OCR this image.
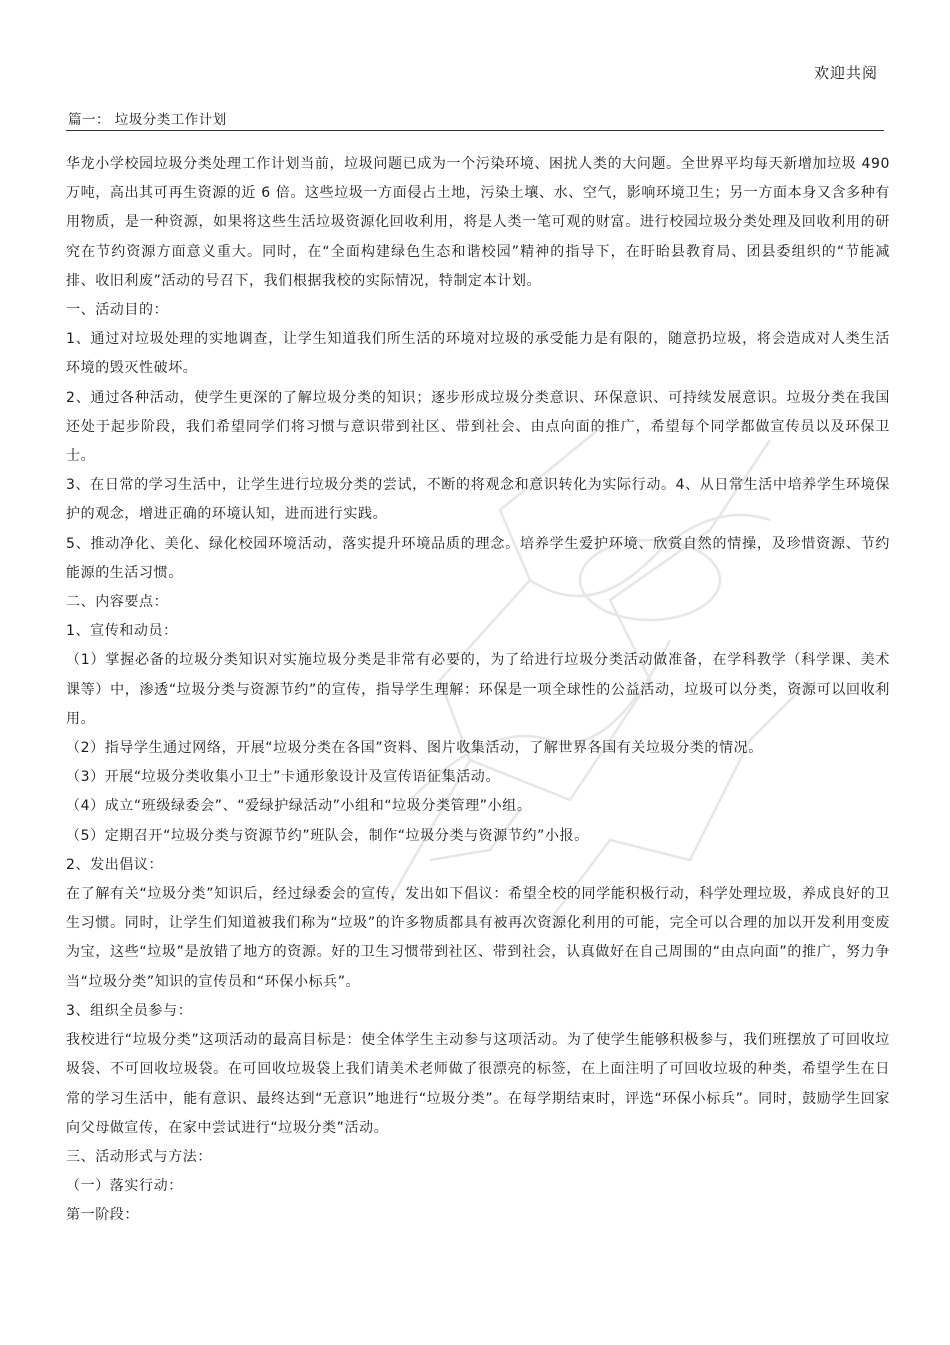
欢迎共阅
篇一： 垃圾分类工作计划

华龙小学校园垃圾分类处理工作计划当前，垃圾问题已成为一个污染环境、困扰人类的大问题。全世界平均每天新增加垃圾 490 万吨，高出其可再生资源的近 6 倍。这些垃圾一方面侵占土地，污染土壤、水、空气，影响环境卫生；另一方面本身又含多种有用物质，是一种资源，如果将这些生活垃圾资源化回收利用，将是人类一笔可观的财富。进行校园垃圾分类处理及回收利用的研究在节约资源方面意义重大。同时，在“全面构建绿色生态和谐校园”精神的指导下，在盱眙县教育局、团县委组织的“节能减排、收旧利废”活动的号召下，我们根据我校的实际情况，特制定本计划。

一、活动目的：

1、通过对垃圾处理的实地调查，让学生知道我们所生活的环境对垃圾的承受能力是有限的，随意扔垃圾，将会造成对人类生活环境的毁灭性破坏。

2、通过各种活动，使学生更深的了解垃圾分类的知识；逐步形成垃圾分类意识、环保意识、可持续发展意识。垃圾分类在我国还处于起步阶段，我们希望同学们将习惯与意识带到社区、带到社会、由点向面的推广，希望每个同学都做宣传员以及环保卫士。

3、在日常的学习生活中，让学生进行垃圾分类的尝试，不断的将观念和意识转化为实际行动。4、从日常生活中培养学生环境保护的观念，增进正确的环境认知，进而进行实践。

5、推动净化、美化、绿化校园环境活动，落实提升环境品质的理念。培养学生爱护环境、欣赏自然的情操，及珍惜资源、节约能源的生活习惯。

二、内容要点：

1、宣传和动员：

（1）掌握必备的垃圾分类知识对实施垃圾分类是非常有必要的，为了给进行垃圾分类活动做准备，在学科教学（科学课、美术课等）中，渗透“垃圾分类与资源节约”的宣传，指导学生理解：环保是一项全球性的公益活动，垃圾可以分类，资源可以回收利用。

（2）指导学生通过网络，开展“垃圾分类在各国”资料、图片收集活动，了解世界各国有关垃圾分类的情况。

（3）开展“垃圾分类收集小卫士”卡通形象设计及宣传语征集活动。

（4）成立“班级绿委会”、“爱绿护绿活动”小组和“垃圾分类管理”小组。

（5）定期召开“垃圾分类与资源节约”班队会，制作“垃圾分类与资源节约”小报。

2、发出倡议：

在了解有关“垃圾分类”知识后，经过绿委会的宣传，发出如下倡议：希望全校的同学能积极行动，科学处理垃圾，养成良好的卫生习惯。同时，让学生们知道被我们称为“垃圾”的许多物质都具有被再次资源化利用的可能，完全可以合理的加以开发利用变废为宝，这些“垃圾”是放错了地方的资源。好的卫生习惯带到社区、带到社会，认真做好在自己周围的“由点向面”的推广，努力争当“垃圾分类”知识的宣传员和“环保小标兵”。

3、组织全员参与：

我校进行“垃圾分类”这项活动的最高目标是：使全体学生主动参与这项活动。为了使学生能够积极参与，我们班摆放了可回收垃圾袋、不可回收垃圾袋。在可回收垃圾袋上我们请美术老师做了很漂亮的标签，在上面注明了可回收垃圾的种类，希望学生在日常的学习生活中，能有意识、最终达到“无意识”地进行“垃圾分类”。在每学期结束时，评选“环保小标兵”。同时，鼓励学生回家向父母做宣传，在家中尝试进行“垃圾分类”活动。

三、活动形式与方法：

（一）落实行动：

第一阶段：
